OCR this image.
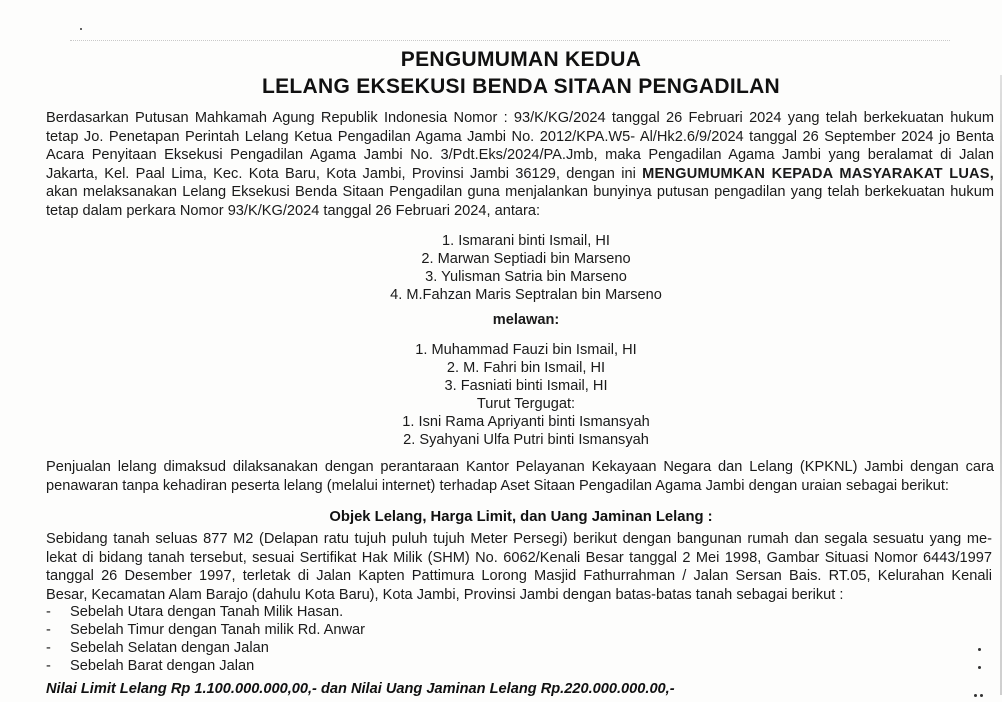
PENGUMUMAN KEDUA
LELANG EKSEKUSI BENDA SITAAN PENGADILAN
Berdasarkan Putusan Mahkamah Agung Republik Indonesia Nomor : 93/K/KG/2024 tanggal 26 Februari 2024 yang telah berkekuatan hukum
tetap Jo. Penetapan Perintah Lelang Ketua Pengadilan Agama Jambi No. 2012/KPA.W5- Al/Hk2.6/9/2024 tanggal 26 September 2024 jo Benta
Acara Penyitaan Eksekusi Pengadilan Agama Jambi No. 3/Pdt.Eks/2024/PA.Jmb, maka Pengadilan Agama Jambi yang beralamat di Jalan
Jakarta, Kel. Paal Lima, Kec. Kota Baru, Kota Jambi, Provinsi Jambi 36129, dengan ini MENGUMUMKAN KEPADA MASYARAKAT LUAS,
akan melaksanakan Lelang Eksekusi Benda Sitaan Pengadilan guna menjalankan bunyinya putusan pengadilan yang telah berkekuatan hukum
tetap dalam perkara Nomor 93/K/KG/2024 tanggal 26 Februari 2024, antara:
1. Ismarani binti Ismail, HI
2. Marwan Septiadi bin Marseno
3. Yulisman Satria bin Marseno
4. M.Fahzan Maris Septralan bin Marseno
melawan:
1. Muhammad Fauzi bin Ismail, HI
2. M. Fahri bin Ismail, HI
3. Fasniati binti Ismail, HI
Turut Tergugat:
1. Isni Rama Apriyanti binti Ismansyah
2. Syahyani Ulfa Putri binti Ismansyah
Penjualan lelang dimaksud dilaksanakan dengan perantaraan Kantor Pelayanan Kekayaan Negara dan Lelang (KPKNL) Jambi dengan cara
penawaran tanpa kehadiran peserta lelang (melalui internet) terhadap Aset Sitaan Pengadilan Agama Jambi dengan uraian sebagai berikut:
Objek Lelang, Harga Limit, dan Uang Jaminan Lelang :
Sebidang tanah seluas 877 M2 (Delapan ratu tujuh puluh tujuh Meter Persegi) berikut dengan bangunan rumah dan segala sesuatu yang me-
lekat di bidang tanah tersebut, sesuai Sertifikat Hak Milik (SHM) No. 6062/Kenali Besar tanggal 2 Mei 1998, Gambar Situasi Nomor 6443/1997
tanggal 26 Desember 1997, terletak di Jalan Kapten Pattimura Lorong Masjid Fathurrahman / Jalan Sersan Bais. RT.05, Kelurahan Kenali
Besar, Kecamatan Alam Barajo (dahulu Kota Baru), Kota Jambi, Provinsi Jambi dengan batas-batas tanah sebagai berikut :
- Sebelah Utara dengan Tanah Milik Hasan.
- Sebelah Timur dengan Tanah milik Rd. Anwar
- Sebelah Selatan dengan Jalan
- Sebelah Barat dengan Jalan
Nilai Limit Lelang Rp 1.100.000.000,00,- dan Nilai Uang Jaminan Lelang Rp.220.000.000.00,-
